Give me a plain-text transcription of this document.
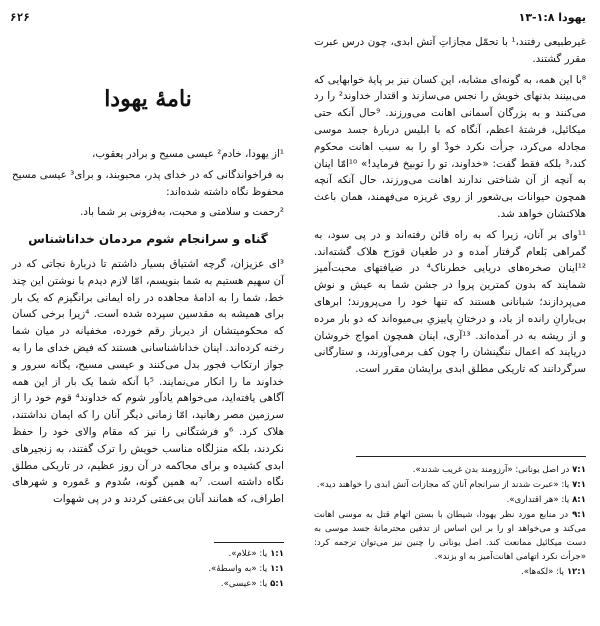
یهودا ۱:۸-۱۳
۶۲۶

غیرطبیعی رفتند،¹ با تحمّل مجازاتِ آتش ابدی، چون درس عبرت مقرر گشتند.

⁸با این همه، به گونه‌ای مشابه، این کسان نیز بر پایهٔ خوابهایی که می‌بینند بدنهای خویش را نجس می‌سازند و اقتدار خداوند² را رد می‌کنند و به بزرگان آسمانی اهانت می‌ورزند. ⁹حال آنکه حتی میکائیل، فرشتهٔ اعظم، آنگاه که با ابلیس دربارهٔ جسد موسی مجادله می‌کرد، جرأت نکرد خودْ او را به سبب اهانت محکوم کند،³ بلکه فقط گفت: «خداوند، تو را توبیخ فرماید!» ¹⁰امّا اینان به آنچه از آن شناختی ندارند اهانت می‌ورزند، حال آنکه آنچه همچون حیوانات بی‌شعور از روی غریزه می‌فهمند، همان باعث هلاکتشان خواهد شد.

¹¹وای بر آنان، زیرا که به راه قائن رفته‌اند و در پی سود، به گمراهی بَلعام گرفتار آمده و در طغیان قورَح هلاک گشته‌اند. ¹²اینان صخره‌های دریایی خطرناک⁴ در ضیافتهای محبت‌آمیز شمایند که بدون کمترین پروا در جشن شما به عیش و نوش می‌پردازند؛ شبانانی هستند که تنها خود را می‌پرورند؛ ابرهای بی‌بارانِ رانده از باد، و درختانِ پاییزیِ بی‌میوه‌اند که دو بار مرده و از ریشه به در آمده‌اند. ¹³آری، اینان همچون امواج خروشان دریایند که اعمال ننگینشان را چون کف برمی‌آورند، و ستارگانی سرگردانند که تاریکی مطلق ابدی برایشان مقرر است.

۷:۱ در اصل یونانی: «آرزومند بدن غریب شدند».
۷:۱ یا: «عبرت شدند از سرانجام آنان که مجازات آتش ابدی را خواهند دید».
۸:۱ یا: «هر اقتداری».
۹:۱ در منابع مورد نظر یهودا، شیطان با بستن اتهام قتل به موسی اهانت می‌کند و می‌خواهد او را بر این اساس از تدفین محترمانهٔ جسد موسی به دست میکائیل ممانعت کند. اصل یونانی را چنین نیز می‌توان ترجمه کرد: «جرأت نکرد اتهامی اهانت‌آمیز به او بزند».
۱۲:۱ یا: «لکه‌ها».
نامهٔ یهودا

¹از یهودا، خادم² عیسی مسیح و برادر یعقوب،

به فراخواندگانی که در خدای پدر، محبوبند، و برای³ عیسی مسیح محفوظ نگاه داشته شده‌اند:

²رحمت و سلامتی و محبت، به‌فزونی بر شما باد.

گناه و سرانجام شوم مردمان خداناشناس

³ای عزیزان، گرچه اشتیاق بسیار داشتم تا دربارهٔ نجاتی که در آن سهیم هستیم به شما بنویسم، امّا لازم دیدم با نوشتن این چند خط، شما را به ادامهٔ مجاهده در راه ایمانی برانگیزم که یک بار برای همیشه به مقدسین سپرده شده است. ⁴زیرا برخی کسان که محکومیتشان از دیرباز رقم خورده، مخفیانه در میان شما رخنه کرده‌اند. اینان خداناشناسانی هستند که فیض خدای ما را به جواز ارتکاب فجور بدل می‌کنند و عیسی مسیح، یگانه سرور و خداوند ما را انکار می‌نمایند. ⁵با آنکه شما یک بار از این همه آگاهی یافته‌اید، می‌خواهم یادآور شوم که خداوند⁴ قوم خود را از سرزمین مصر رهانید، امّا زمانی دیگر آنان را که ایمان نداشتند، هلاک کرد. ⁶و فرشتگانی را نیز که مقام والای خود را حفظ نکردند، بلکه منزلگاه مناسب خویش را ترک گفتند، به زنجیرهای ابدی کشیده و برای محاکمه در آن روز عظیم، در تاریکی مطلق نگاه داشته است. ⁷به همین گونه، سُدوم و عَموره و شهرهای اطراف، که همانند آنان بی‌عفتی کردند و در پی شهوات

۱:۱ یا: «غلام».
۱:۱ یا: «به واسطهٔ».
۵:۱ یا: «عیسی».
